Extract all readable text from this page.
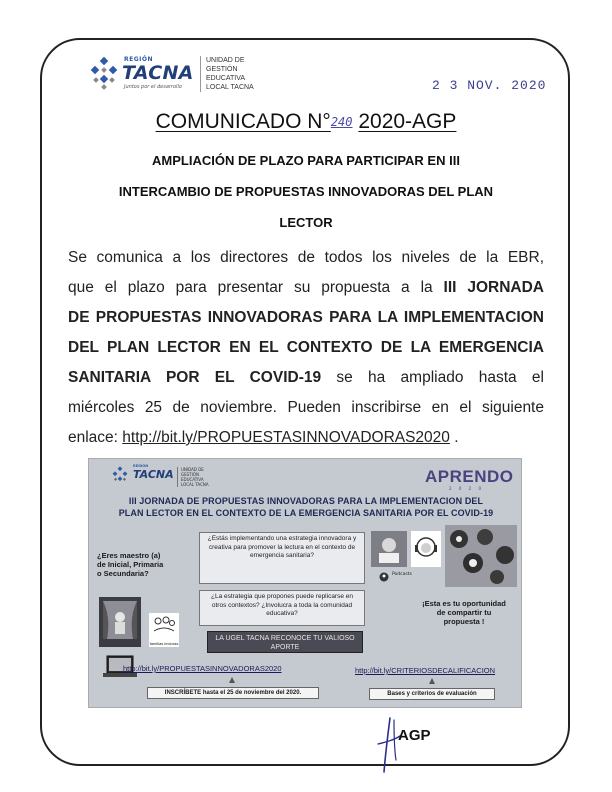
REGIÓN
TACNA
Juntos por el desarrollo
UNIDAD DE
GESTIÓN
EDUCATIVA
LOCAL TACNA	2 3 NOV. 2020
COMUNICADO N°240 2020-AGP
AMPLIACIÓN DE PLAZO PARA PARTICIPAR EN III
INTERCAMBIO DE PROPUESTAS INNOVADORAS DEL PLAN
LECTOR
Se comunica a los directores de todos los niveles de la EBR,
que el plazo para presentar su propuesta a la III JORNADA
DE PROPUESTAS INNOVADORAS PARA LA IMPLEMENTACION
DEL PLAN LECTOR EN EL CONTEXTO DE LA EMERGENCIA
SANITARIA POR EL COVID-19 se ha ampliado hasta el
miércoles 25 de noviembre. Pueden inscribirse en el siguiente
enlace: http://bit.ly/PROPUESTASINNOVADORAS2020 .
REGIÓN
TACNA UNIDAD DE
GESTIÓN
EDUCATIVA
LOCAL TACNA	APRENDO
2 0 2 0
III JORNADA DE PROPUESTAS INNOVADORAS PARA LA IMPLEMENTACION DEL
PLAN LECTOR EN EL CONTEXTO DE LA EMERGENCIA SANITARIA POR EL COVID-19
¿Eres maestro (a) de Inicial, Primaria o Secundaria?
familias lectoras
¿Estás implementando una estrategia innovadora y creativa para promover la lectura en el contexto de emergencia sanitaria?
¿La estrategia que propones puede replicarse en otros contextos? ¿Involucra a toda la comunidad educativa?
LA UGEL TACNA RECONOCE TU VALIOSO APORTE
Podcasts
¡Esta es tu oportunidad de compartir tu propuesta !
http://bit.ly/PROPUESTASINNOVADORAS2020
INSCRÍBETE hasta el 25 de noviembre del 2020.
http://bit.ly/CRITERIOSDECALIFICACION
Bases y criterios de evaluación
AGP
